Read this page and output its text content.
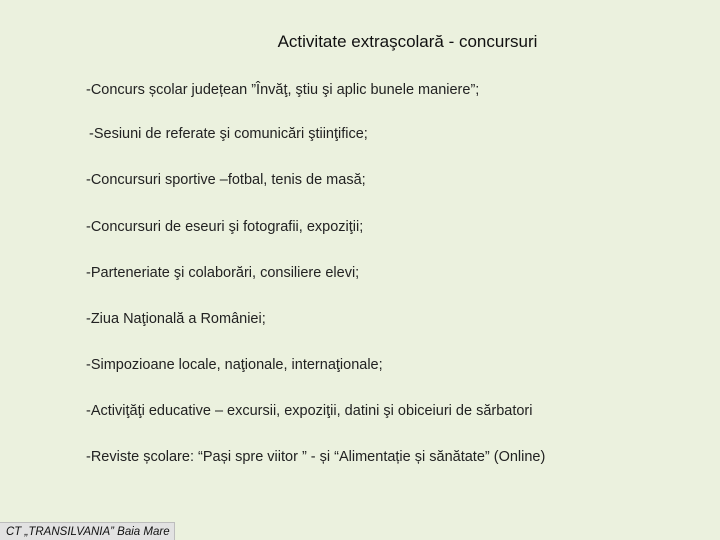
Activitate extraşcolară - concursuri
-Concurs școlar județean ”Învăţ, ştiu şi aplic bunele maniere”;
-Sesiuni de referate şi comunicări ştiinţifice;
-Concursuri sportive –fotbal, tenis de masă;
-Concursuri de eseuri şi fotografii, expoziţii;
-Parteneriate şi colaborări, consiliere elevi;
-Ziua Naţională a României;
-Simpozioane locale, naţionale, internaţionale;
-Activiţăţi educative – excursii, expoziţii, datini şi obiceiuri de sărbatori
-Reviste școlare: “Pași spre viitor ” - și “Alimentație și sănătate” (Online)
CT „TRANSILVANIA” Baia Mare
